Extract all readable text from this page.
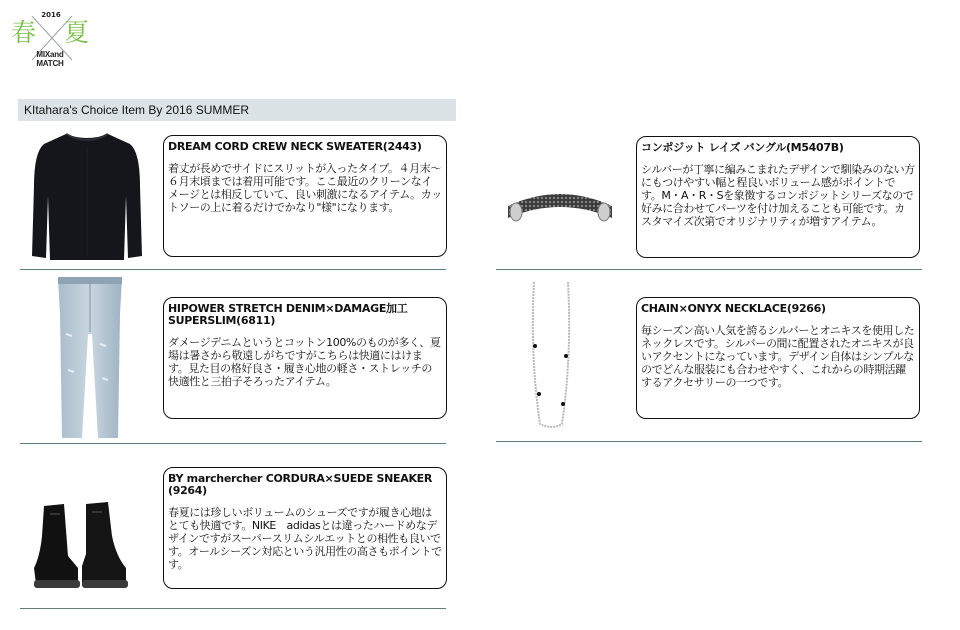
2016
春 夏
MIXand
MATCH
KItahara's Choice Item By 2016 SUMMER
DREAM CORD CREW NECK SWEATER(2443)
着丈が長めでサイドにスリットが入ったタイプ。４月末〜６月末頃までは着用可能です。ここ最近のクリーンなイメージとは相反していて、良い刺激になるアイテム。カットソーの上に着るだけでかなり"様"になります。
HIPOWER STRETCH DENIM×DAMAGE加工
SUPERSLIM(6811)
ダメージデニムというとコットン100%のものが多く、夏場は暑さから敬遠しがちですがこちらは快適にはけます。見た目の格好良さ・履き心地の軽さ・ストレッチの快適性と三拍子そろったアイテム。
BY marchercher CORDURA×SUEDE SNEAKER
(9264)
春夏には珍しいボリュームのシューズですが履き心地はとても快適です。NIKE　adidasとは違ったハードめなデザインですがスーパースリムシルエットとの相性も良いです。オールシーズン対応という汎用性の高さもポイントです。
コンポジット レイズ バングル(M5407B)
シルバーが丁寧に編みこまれたデザインで馴染みのない方にもつけやすい幅と程良いボリューム感がポイントです。M・A・R・Sを象徴するコンポジットシリーズなので好みに合わせてパーツを付け加えることも可能です。カスタマイズ次第でオリジナリティが増すアイテム。
CHAIN×ONYX NECKLACE(9266)
毎シーズン高い人気を誇るシルバーとオニキスを使用したネックレスです。シルバーの間に配置されたオニキスが良いアクセントになっています。デザイン自体はシンプルなのでどんな服装にも合わせやすく、これからの時期活躍するアクセサリーの一つです。
